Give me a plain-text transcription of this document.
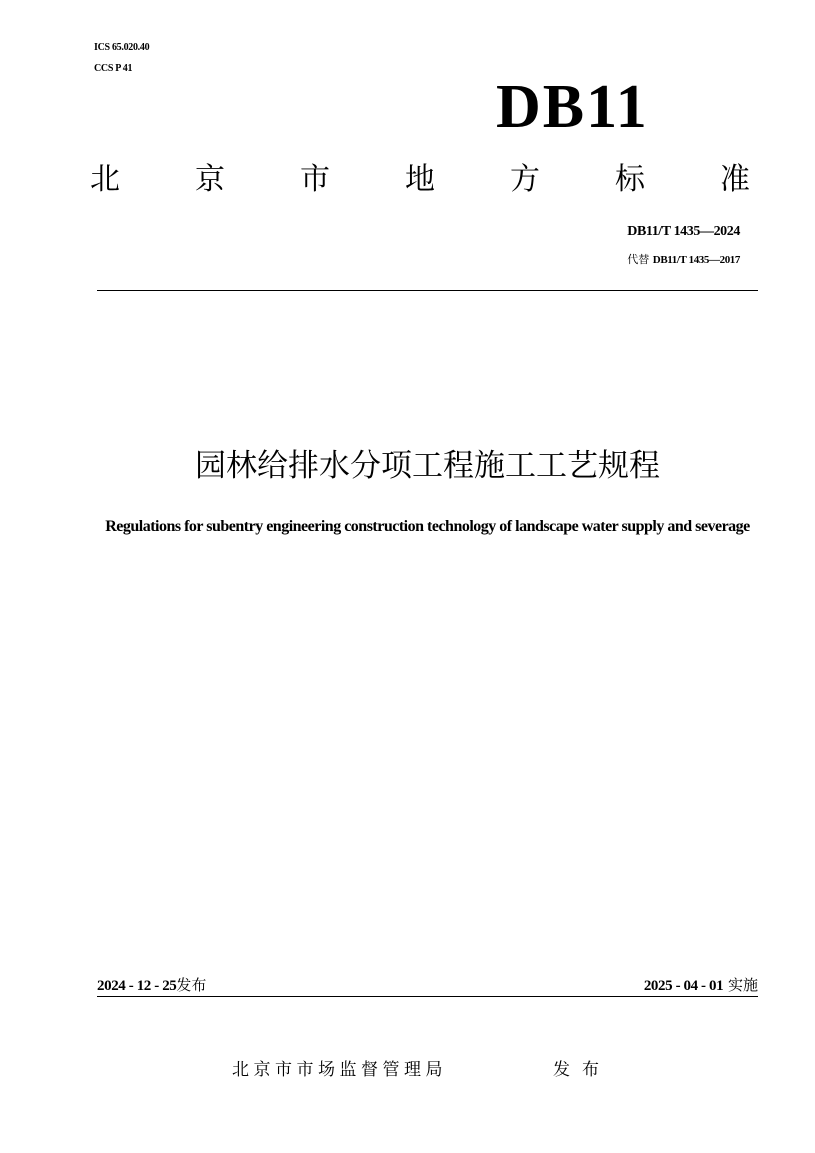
ICS 65.020.40
CCS P 41
DB11
北	京	市	地	方	标	准
DB11/T 1435—2024
代替 DB11/T 1435—2017
园林给排水分项工程施工工艺规程
Regulations for subentry engineering construction technology of landscape water supply and severage
2024 - 12 - 25发布	2025 - 04 - 01 实施
北京市市场监督管理局	发布
